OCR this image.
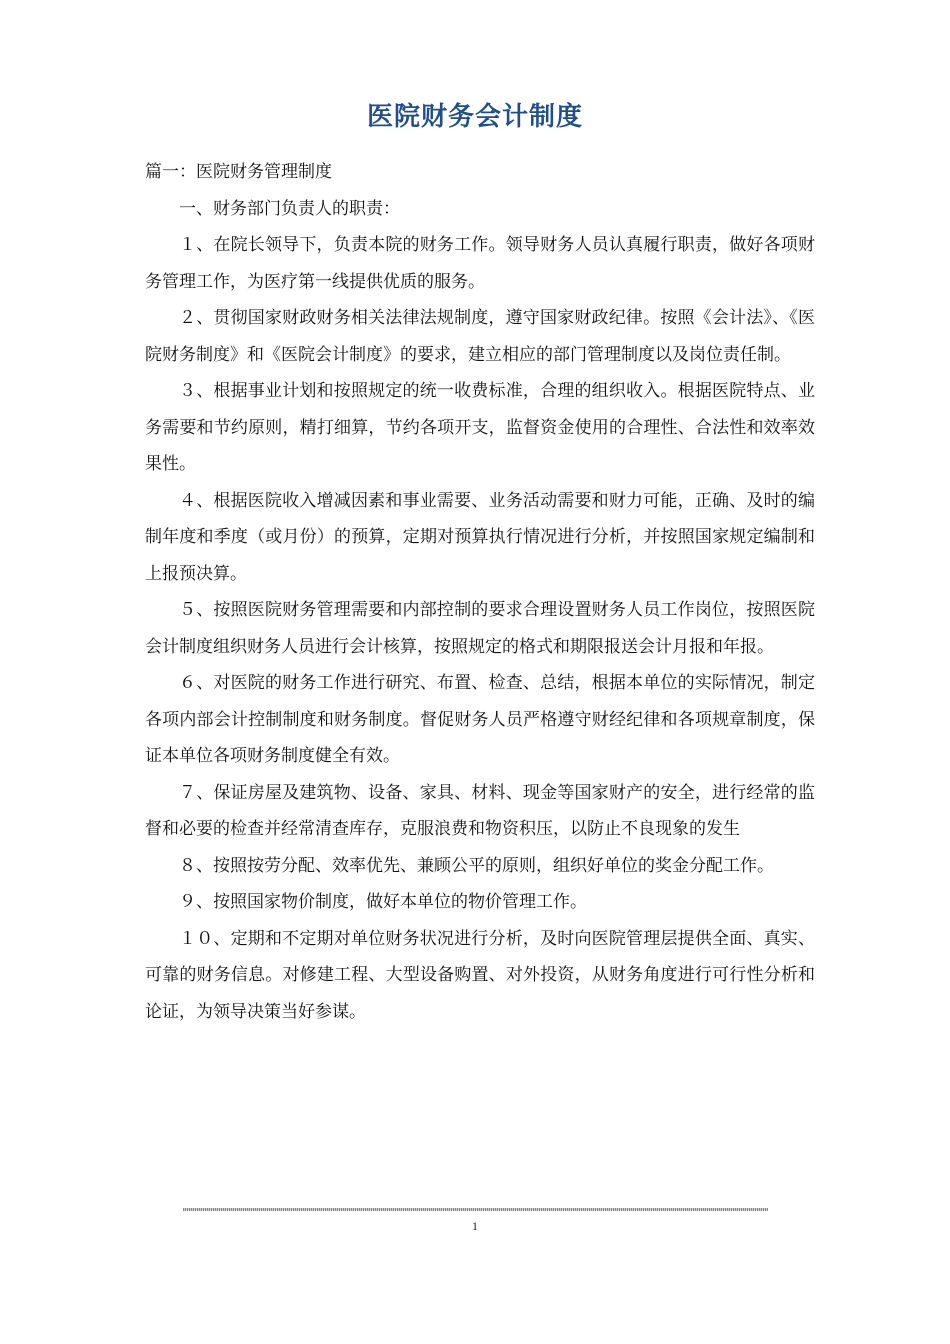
医院财务会计制度

篇一：医院财务管理制度

一、财务部门负责人的职责：

１、在院长领导下，负责本院的财务工作。领导财务人员认真履行职责，做好各项财务管理工作，为医疗第一线提供优质的服务。

２、贯彻国家财政财务相关法律法规制度，遵守国家财政纪律。按照《会计法》、《医院财务制度》和《医院会计制度》的要求，建立相应的部门管理制度以及岗位责任制。

３、根据事业计划和按照规定的统一收费标准，合理的组织收入。根据医院特点、业务需要和节约原则，精打细算，节约各项开支，监督资金使用的合理性、合法性和效率效果性。

４、根据医院收入增减因素和事业需要、业务活动需要和财力可能，正确、及时的编制年度和季度（或月份）的预算，定期对预算执行情况进行分析，并按照国家规定编制和上报预决算。

５、按照医院财务管理需要和内部控制的要求合理设置财务人员工作岗位，按照医院会计制度组织财务人员进行会计核算，按照规定的格式和期限报送会计月报和年报。

６、对医院的财务工作进行研究、布置、检查、总结，根据本单位的实际情况，制定各项内部会计控制制度和财务制度。督促财务人员严格遵守财经纪律和各项规章制度，保证本单位各项财务制度健全有效。

７、保证房屋及建筑物、设备、家具、材料、现金等国家财产的安全，进行经常的监督和必要的检查并经常清查库存，克服浪费和物资积压，以防止不良现象的发生

８、按照按劳分配、效率优先、兼顾公平的原则，组织好单位的奖金分配工作。

９、按照国家物价制度，做好本单位的物价管理工作。

１０、定期和不定期对单位财务状况进行分析，及时向医院管理层提供全面、真实、可靠的财务信息。对修建工程、大型设备购置、对外投资，从财务角度进行可行性分析和论证，为领导决策当好参谋。

1
